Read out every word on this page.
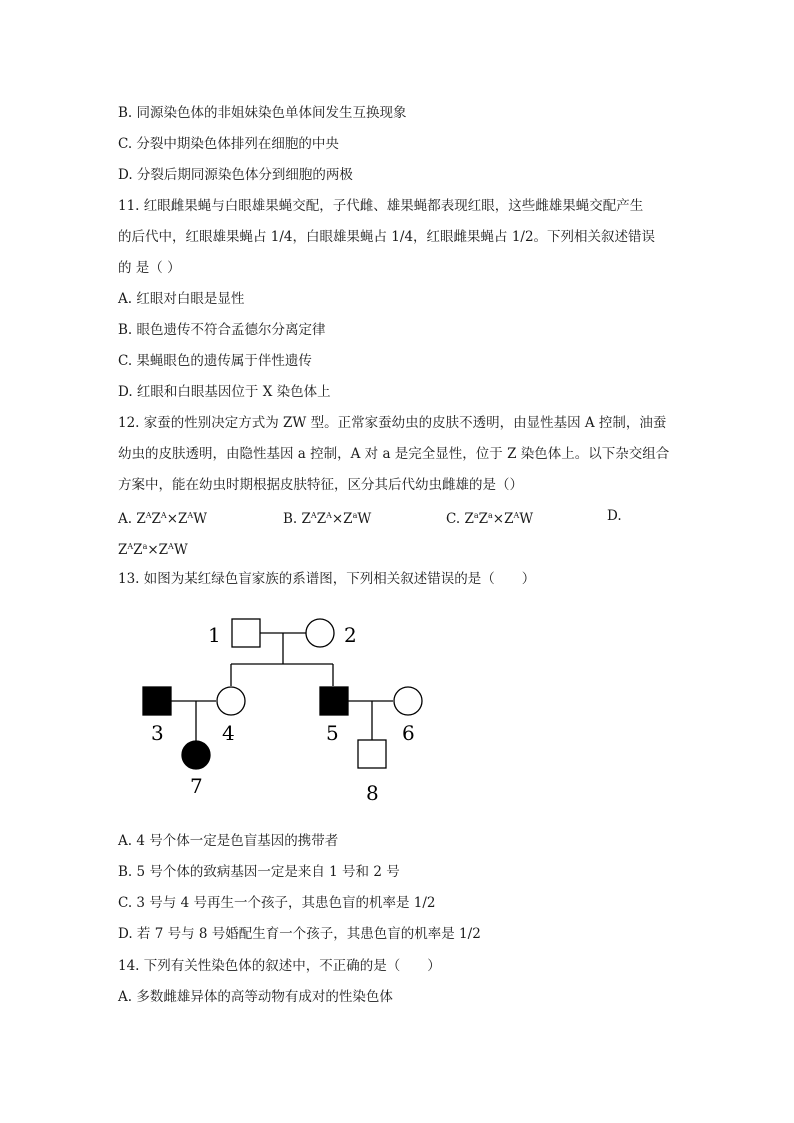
B. 同源染色体的非姐妹染色单体间发生互换现象
C. 分裂中期染色体排列在细胞的中央
D. 分裂后期同源染色体分到细胞的两极
11. 红眼雌果蝇与白眼雄果蝇交配，子代雌、雄果蝇都表现红眼，这些雌雄果蝇交配产生
的后代中，红眼雄果蝇占 1/4，白眼雄果蝇占 1/4，红眼雌果蝇占 1/2。下列相关叙述错误
的 是（ ）
A. 红眼对白眼是显性
B. 眼色遗传不符合孟德尔分离定律
C. 果蝇眼色的遗传属于伴性遗传
D. 红眼和白眼基因位于 X 染色体上
12. 家蚕的性别决定方式为 ZW 型。正常家蚕幼虫的皮肤不透明，由显性基因 A 控制，油蚕
幼虫的皮肤透明，由隐性基因 a 控制，A 对 a 是完全显性，位于 Z 染色体上。以下杂交组合
方案中，能在幼虫时期根据皮肤特征，区分其后代幼虫雌雄的是（）
A. $Z^AZ^A\times Z^AW$	B. $Z^AZ^A\times Z^aW$	C. $Z^aZ^a\times Z^AW$	D.
$Z^AZ^a\times Z^AW$
13. 如图为某红绿色盲家族的系谱图，下列相关叙述错误的是（　　）
1	2
3	4	5	6
7	8
A. 4 号个体一定是色盲基因的携带者
B. 5 号个体的致病基因一定是来自 1 号和 2 号
C. 3 号与 4 号再生一个孩子，其患色盲的机率是 1/2
D. 若 7 号与 8 号婚配生育一个孩子，其患色盲的机率是 1/2
14. 下列有关性染色体的叙述中，不正确的是（　　）
A. 多数雌雄异体的高等动物有成对的性染色体
